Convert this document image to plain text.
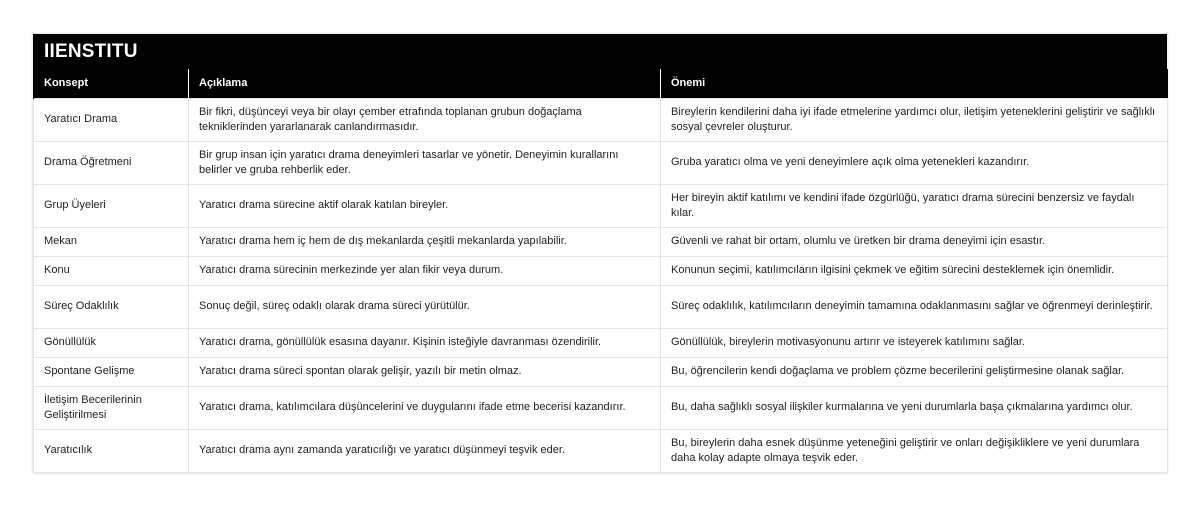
IIENSTITU
Konsept	Açıklama	Önemi
Yaratıcı Drama	Bir fikri, düşünceyi veya bir olayı çember etrafında toplanan grubun doğaçlama tekniklerinden yararlanarak canlandırmasıdır.	Bireylerin kendilerini daha iyi ifade etmelerine yardımcı olur, iletişim yeteneklerini geliştirir ve sağlıklı sosyal çevreler oluşturur.
Drama Öğretmeni	Bir grup insan için yaratıcı drama deneyimleri tasarlar ve yönetir. Deneyimin kurallarını belirler ve gruba rehberlik eder.	Gruba yaratıcı olma ve yeni deneyimlere açık olma yetenekleri kazandırır.
Grup Üyeleri	Yaratıcı drama sürecine aktif olarak katılan bireyler.	Her bireyin aktif katılımı ve kendini ifade özgürlüğü, yaratıcı drama sürecini benzersiz ve faydalı kılar.
Mekan	Yaratıcı drama hem iç hem de dış mekanlarda çeşitli mekanlarda yapılabilir.	Güvenli ve rahat bir ortam, olumlu ve üretken bir drama deneyimi için esastır.
Konu	Yaratıcı drama sürecinin merkezinde yer alan fikir veya durum.	Konunun seçimi, katılımcıların ilgisini çekmek ve eğitim sürecini desteklemek için önemlidir.
Süreç Odaklılık	Sonuç değil, süreç odaklı olarak drama süreci yürütülür.	Süreç odaklılık, katılımcıların deneyimin tamamına odaklanmasını sağlar ve öğrenmeyi derinleştirir.
Gönüllülük	Yaratıcı drama, gönüllülük esasına dayanır. Kişinin isteğiyle davranması özendirilir.	Gönüllülük, bireylerin motivasyonunu artırır ve isteyerek katılımını sağlar.
Spontane Gelişme	Yaratıcı drama süreci spontan olarak gelişir, yazılı bir metin olmaz.	Bu, öğrencilerin kendi doğaçlama ve problem çözme becerilerini geliştirmesine olanak sağlar.
İletişim Becerilerinin Geliştirilmesi	Yaratıcı drama, katılımcılara düşüncelerini ve duygularını ifade etme becerisi kazandırır.	Bu, daha sağlıklı sosyal ilişkiler kurmalarına ve yeni durumlarla başa çıkmalarına yardımcı olur.
Yaratıcılık	Yaratıcı drama aynı zamanda yaratıcılığı ve yaratıcı düşünmeyi teşvik eder.	Bu, bireylerin daha esnek düşünme yeteneğini geliştirir ve onları değişikliklere ve yeni durumlara daha kolay adapte olmaya teşvik eder.
